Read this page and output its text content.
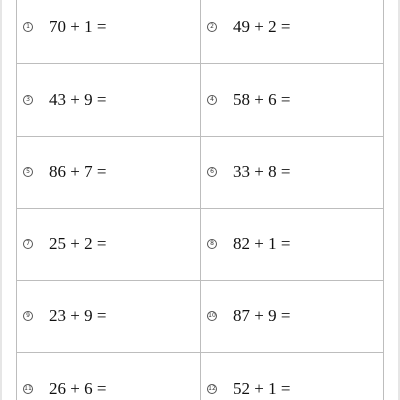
1 70 + 1 =	2 49 + 2 =
3 43 + 9 =	4 58 + 6 =
5 86 + 7 =	6 33 + 8 =
7 25 + 2 =	8 82 + 1 =
9 23 + 9 =	10 87 + 9 =
11 26 + 6 =	12 52 + 1 =
